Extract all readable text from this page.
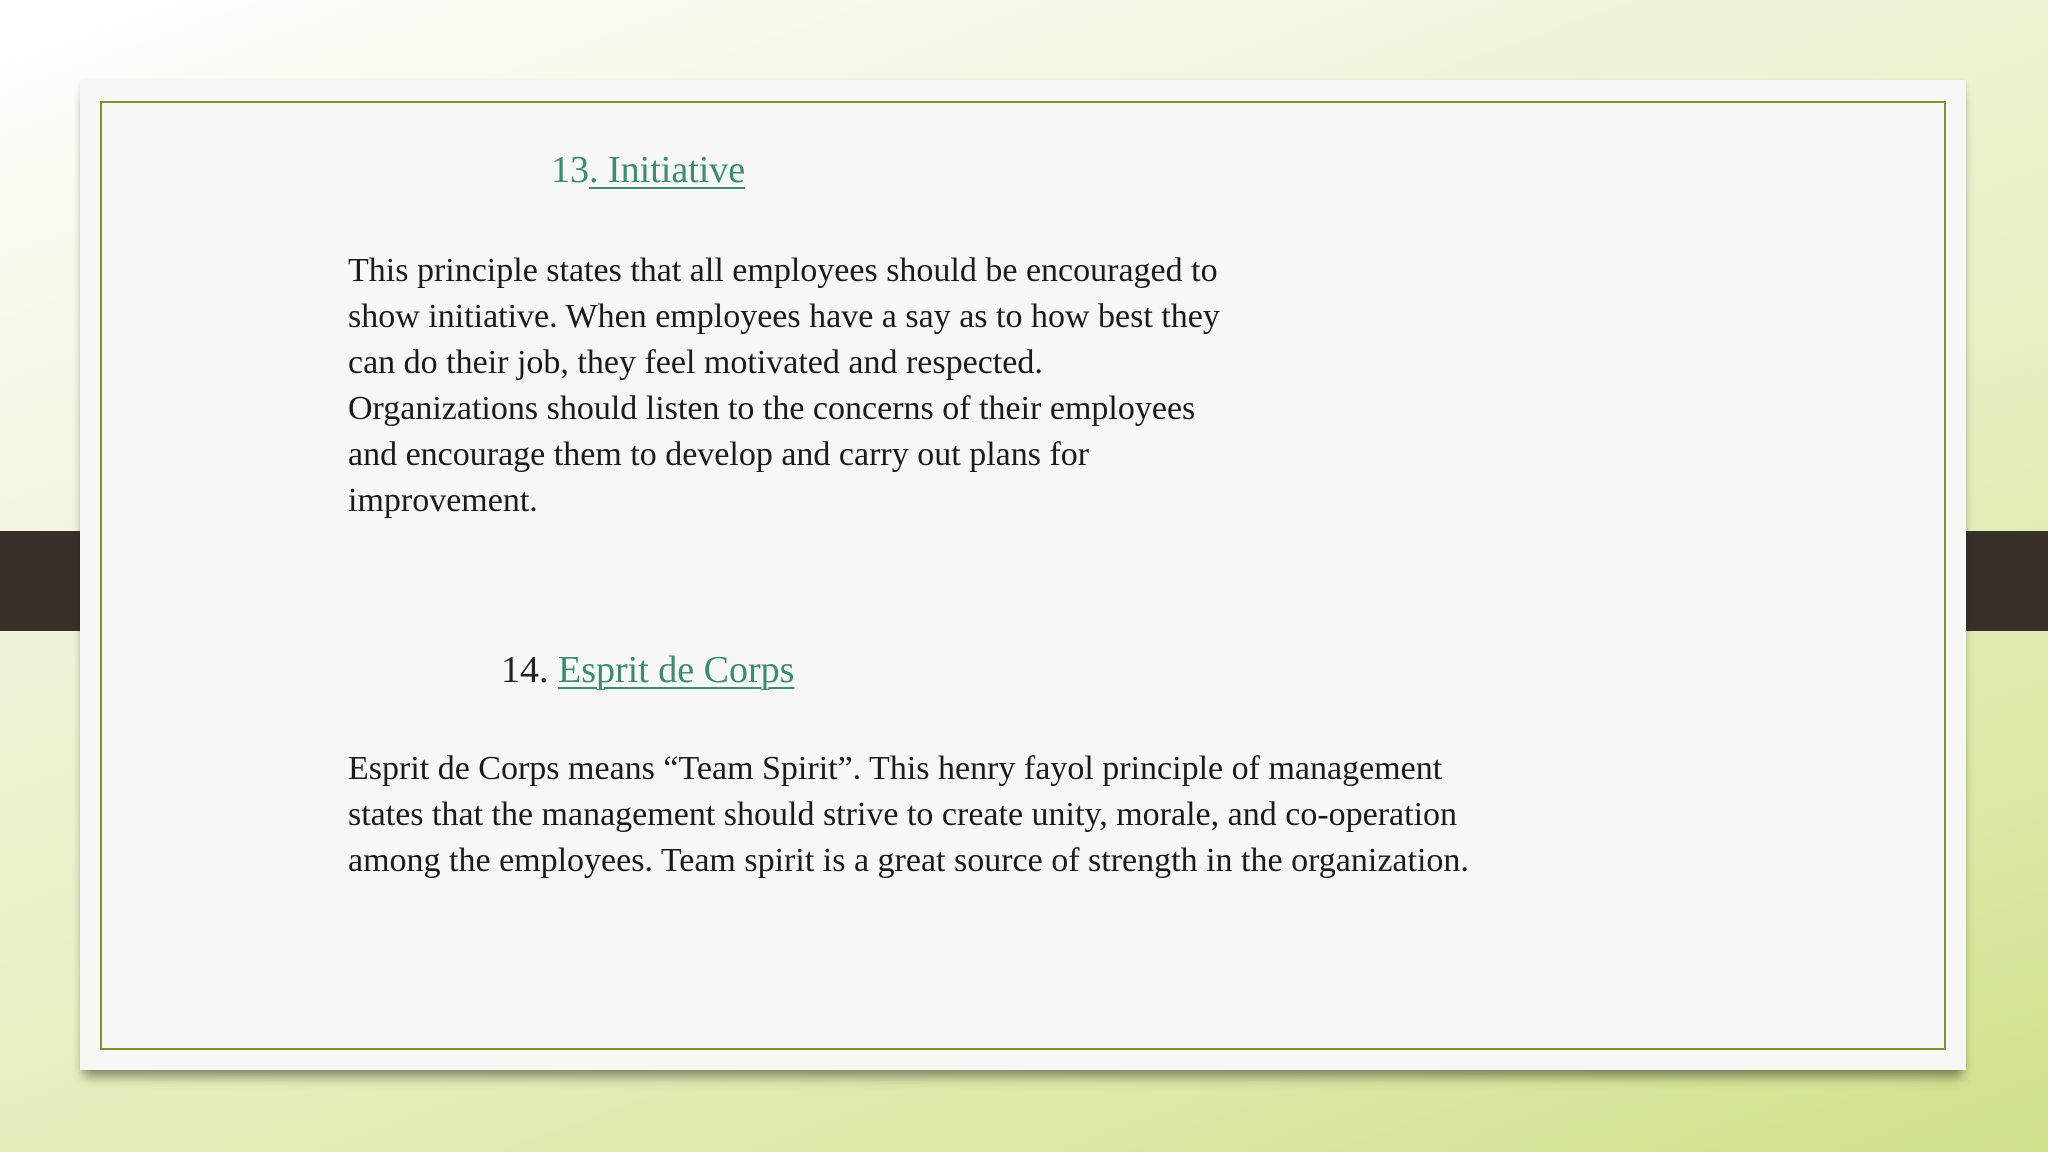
13. Initiative

This principle states that all employees should be encouraged to
show initiative. When employees have a say as to how best they
can do their job, they feel motivated and respected.
Organizations should listen to the concerns of their employees
and encourage them to develop and carry out plans for
improvement.

14. Esprit de Corps

Esprit de Corps means “Team Spirit”. This henry fayol principle of management
states that the management should strive to create unity, morale, and co-operation
among the employees. Team spirit is a great source of strength in the organization.
